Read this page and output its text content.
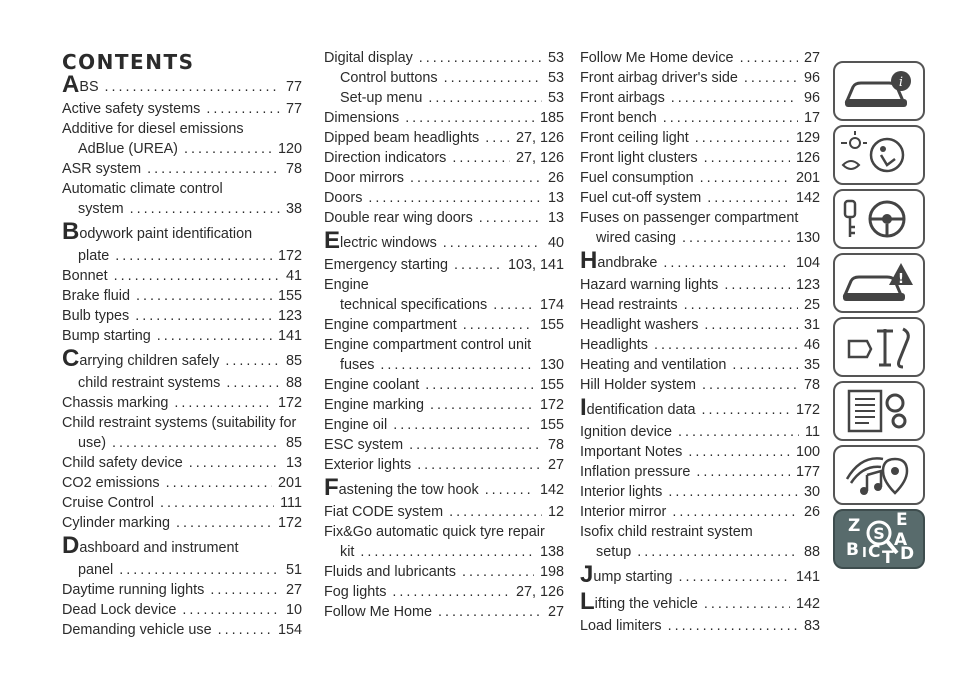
CONTENTS
ABS .....	77
Active safety systems .....	77
Additive for diesel emissions
AdBlue (UREA) .....	120
ASR system .....	78
Automatic climate control
system .....	38
Bodywork paint identification
plate .....	172
Bonnet .....	41
Brake fluid .....	155
Bulb types .....	123
Bump starting .....	141
Carrying children safely .....	85
child restraint systems .....	88
Chassis marking .....	172
Child restraint systems (suitability for
use) .....	85
Child safety device .....	13
CO2 emissions .....	201
Cruise Control .....	111
Cylinder marking .....	172
Dashboard and instrument
panel .....	51
Daytime running lights .....	27
Dead Lock device .....	10
Demanding vehicle use .....	154
Digital display .....	53
Control buttons .....	53
Set-up menu .....	53
Dimensions .....	185
Dipped beam headlights .....	27, 126
Direction indicators .....	27, 126
Door mirrors .....	26
Doors .....	13
Double rear wing doors .....	13
Electric windows .....	40
Emergency starting .....	103, 141
Engine
technical specifications .....	174
Engine compartment .....	155
Engine compartment control unit
fuses .....	130
Engine coolant .....	155
Engine marking .....	172
Engine oil .....	155
ESC system .....	78
Exterior lights .....	27
Fastening the tow hook .....	142
Fiat CODE system .....	12
Fix&Go automatic quick tyre repair
kit .....	138
Fluids and lubricants .....	198
Fog lights .....	27, 126
Follow Me Home .....	27
Follow Me Home device .....	27
Front airbag driver's side .....	96
Front airbags .....	96
Front bench .....	17
Front ceiling light .....	129
Front light clusters .....	126
Fuel consumption .....	201
Fuel cut-off system .....	142
Fuses on passenger compartment
wired casing .....	130
Handbrake .....	104
Hazard warning lights .....	123
Head restraints .....	25
Headlight washers .....	31
Headlights .....	46
Heating and ventilation .....	35
Hill Holder system .....	78
Identification data .....	172
Ignition device .....	11
Important Notes .....	100
Inflation pressure .....	177
Interior lights .....	30
Interior mirror .....	26
Isofix child restraint system
setup .....	88
Jump starting .....	141
Lifting the vehicle .....	142
Load limiters .....	83
i
!
S
Z E
B A
C D
I T
